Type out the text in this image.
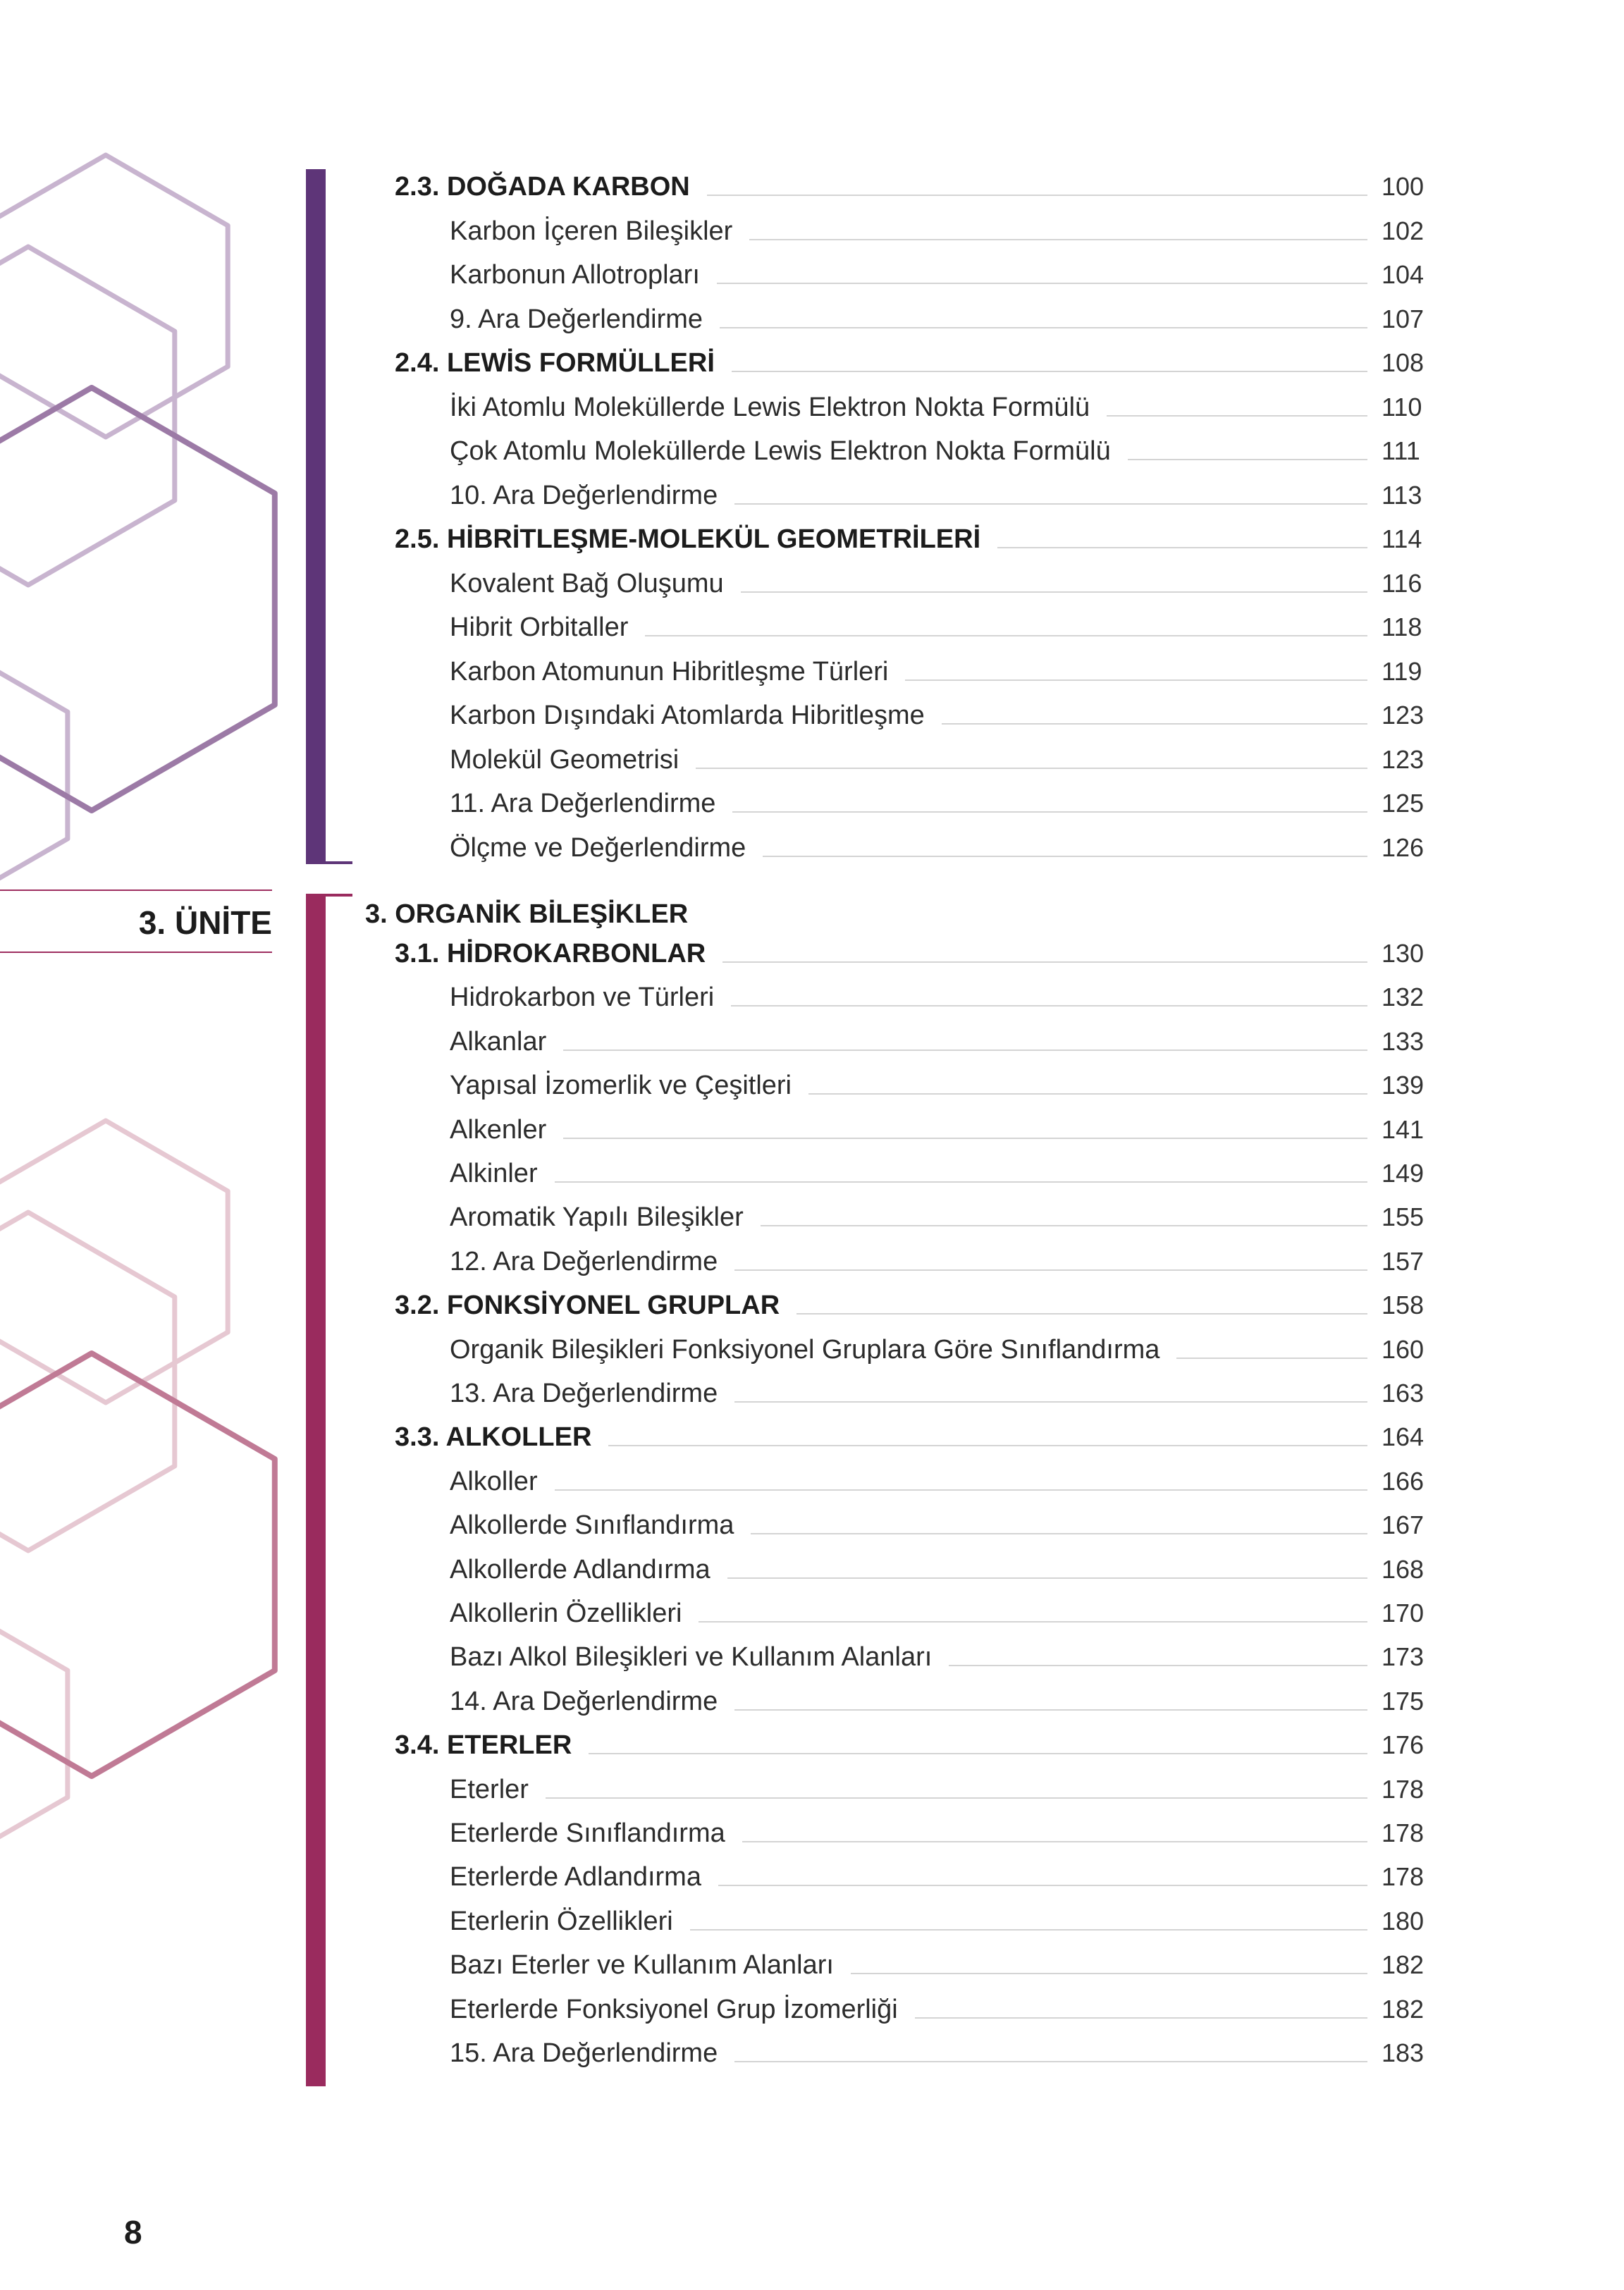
3. ÜNİTE
2.3. DOĞADA KARBON	100
Karbon İçeren Bileşikler	102
Karbonun Allotropları	104
9. Ara Değerlendirme	107
2.4. LEWİS FORMÜLLERİ	108
İki Atomlu Moleküllerde Lewis Elektron Nokta Formülü	110
Çok Atomlu Moleküllerde Lewis Elektron Nokta Formülü	111
10. Ara Değerlendirme	113
2.5. HİBRİTLEŞME-MOLEKÜL GEOMETRİLERİ	114
Kovalent Bağ Oluşumu	116
Hibrit Orbitaller	118
Karbon Atomunun Hibritleşme Türleri	119
Karbon Dışındaki Atomlarda Hibritleşme	123
Molekül Geometrisi	123
11. Ara Değerlendirme	125
Ölçme ve Değerlendirme	126
3. ORGANİK BİLEŞİKLER
3.1. HİDROKARBONLAR	130
Hidrokarbon ve Türleri	132
Alkanlar	133
Yapısal İzomerlik ve Çeşitleri	139
Alkenler	141
Alkinler	149
Aromatik Yapılı Bileşikler	155
12. Ara Değerlendirme	157
3.2. FONKSİYONEL GRUPLAR	158
Organik Bileşikleri Fonksiyonel Gruplara Göre Sınıflandırma	160
13. Ara Değerlendirme	163
3.3. ALKOLLER	164
Alkoller	166
Alkollerde Sınıflandırma	167
Alkollerde Adlandırma	168
Alkollerin Özellikleri	170
Bazı Alkol Bileşikleri ve Kullanım Alanları	173
14. Ara Değerlendirme	175
3.4. ETERLER	176
Eterler	178
Eterlerde Sınıflandırma	178
Eterlerde Adlandırma	178
Eterlerin Özellikleri	180
Bazı Eterler ve Kullanım Alanları	182
Eterlerde Fonksiyonel Grup İzomerliği	182
15. Ara Değerlendirme	183
8
